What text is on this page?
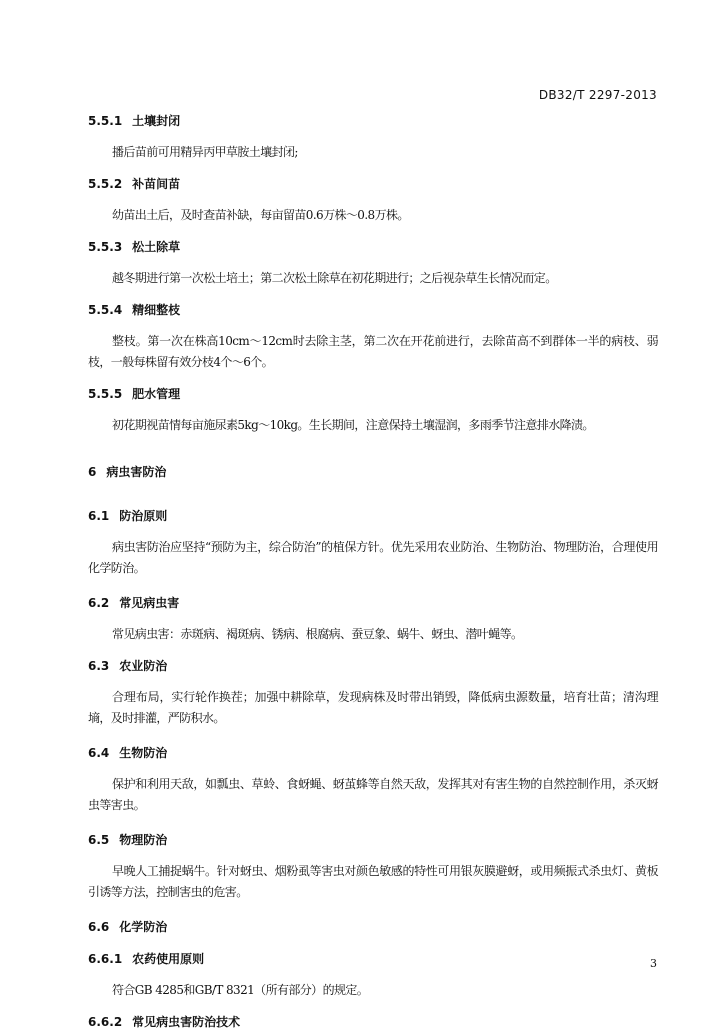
DB32/T 2297-2013
5.5.1 土壤封闭

播后苗前可用精异丙甲草胺土壤封闭;

5.5.2 补苗间苗

幼苗出土后，及时查苗补缺，每亩留苗0.6万株～0.8万株。

5.5.3 松土除草

越冬期进行第一次松土培土；第二次松土除草在初花期进行；之后视杂草生长情况而定。

5.5.4 精细整枝

整枝。第一次在株高10cm～12cm时去除主茎，第二次在开花前进行，去除苗高不到群体一半的病枝、弱枝，一般每株留有效分枝4个～6个。

5.5.5 肥水管理

初花期视苗情每亩施尿素5kg～10kg。生长期间，注意保持土壤湿润，多雨季节注意排水降渍。

6 病虫害防治
6.1 防治原则

病虫害防治应坚持“预防为主，综合防治”的植保方针。优先采用农业防治、生物防治、物理防治，合理使用化学防治。

6.2 常见病虫害

常见病虫害：赤斑病、褐斑病、锈病、根腐病、蚕豆象、蜗牛、蚜虫、潜叶蝇等。

6.3 农业防治

合理布局，实行轮作换茬；加强中耕除草，发现病株及时带出销毁，降低病虫源数量，培育壮苗；清沟理墒，及时排灌，严防积水。

6.4 生物防治

保护和利用天敌，如瓢虫、草蛉、食蚜蝇、蚜茧蜂等自然天敌，发挥其对有害生物的自然控制作用，杀灭蚜虫等害虫。

6.5 物理防治

早晚人工捕捉蜗牛。针对蚜虫、烟粉虱等害虫对颜色敏感的特性可用银灰膜避蚜，或用频振式杀虫灯、黄板引诱等方法，控制害虫的危害。

6.6 化学防治
6.6.1 农药使用原则

符合GB 4285和GB/T 8321（所有部分）的规定。

6.6.2 常见病虫害防治技术
3
